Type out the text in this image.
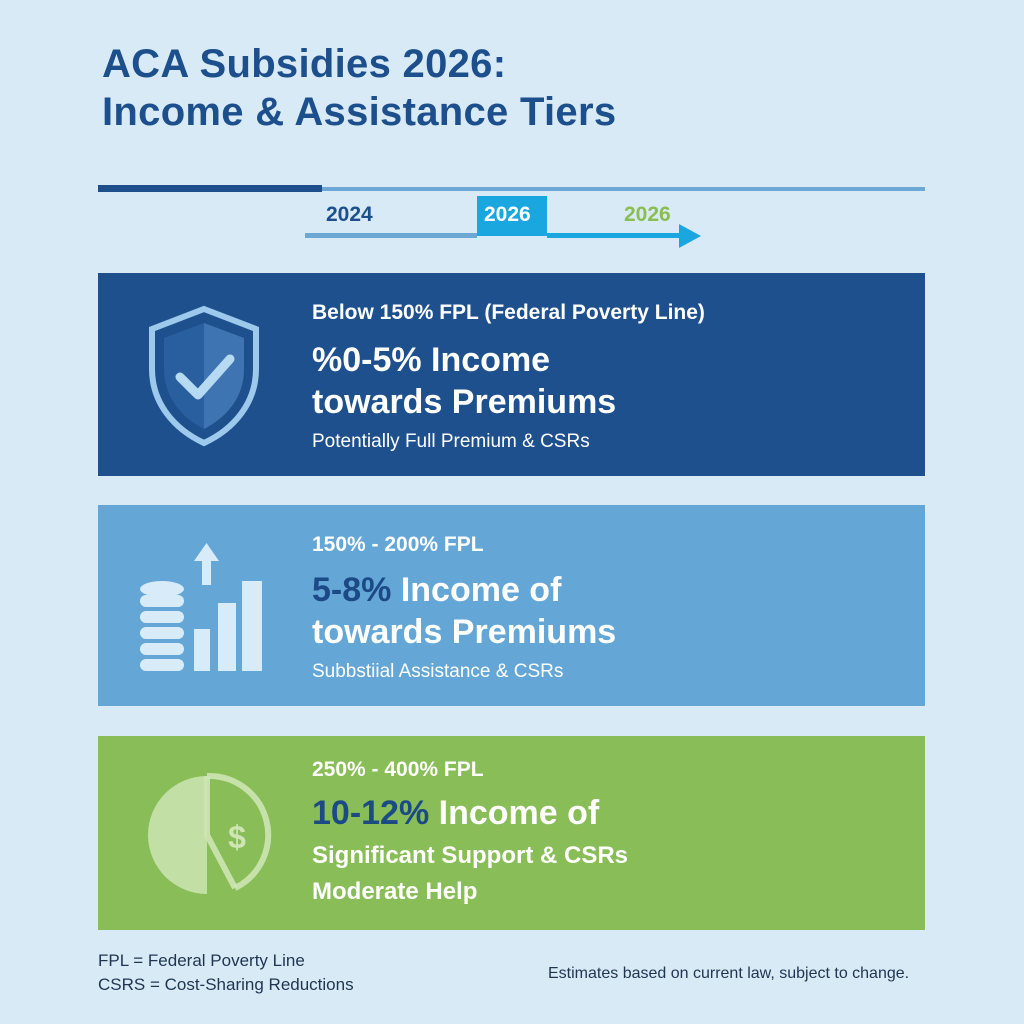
ACA Subsidies 2026:
Income & Assistance Tiers
2024	2026	2026
Below 150% FPL (Federal Poverty Line)
%0-5% Income
towards Premiums
Potentially Full Premium & CSRs
150% - 200% FPL
5-8% Income of
towards Premiums
Subbstiial Assistance & CSRs
$
250% - 400% FPL
10-12% Income of
Significant Support & CSRs
Moderate Help
FPL = Federal Poverty Line
CSRS = Cost-Sharing Reductions
Estimates based on current law, subject to change.
